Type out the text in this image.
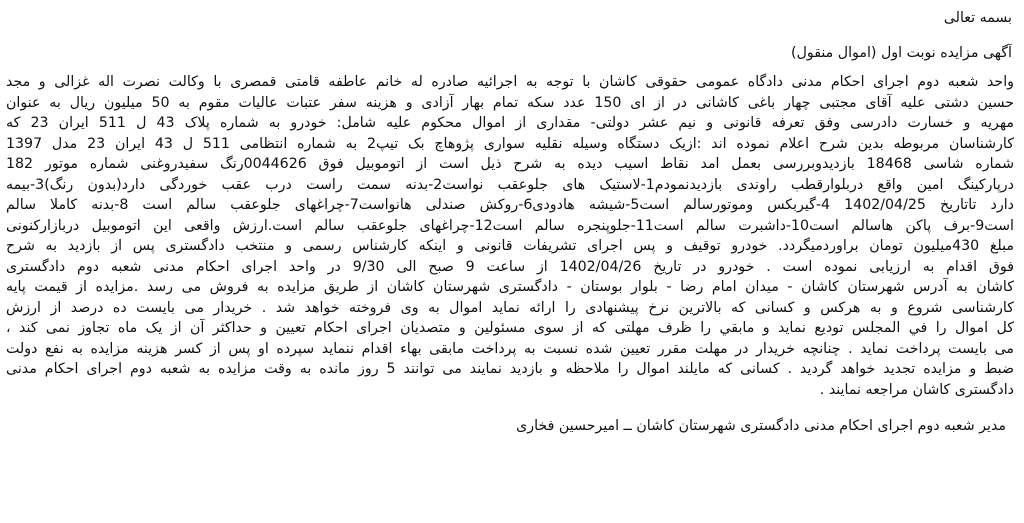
بسمه تعالی
آگهی مزایده نوبت اول (اموال منقول)
واحد شعبه دوم اجرای احکام مدنی دادگاه عمومی حقوقی کاشان با توجه به اجرائیه صادره له خانم عاطفه قامتی قمصری با وکالت نصرت اله غزالی و مجد
حسین دشتی علیه آقای مجتبی چهار باغی کاشانی در از ای 150 عدد سکه تمام بهار آزادی و هزینه سفر عتبات عالیات مقوم به 50 میلیون ریال به عنوان
مهریه و خسارت دادرسی وفق تعرفه قانونی و نیم عشر دولتی- مقداری از اموال محکوم علیه شامل: خودرو به شماره پلاک 43 ل 511 ایران 23 که
کارشناسان مربوطه بدین شرح اعلام نموده اند :ازیک دستگاه وسیله نقلیه سواری پژوهاچ بک تیپ2 به شماره انتظامی 511 ل 43 ایران 23 مدل 1397
شماره شاسی 18468 بازدیدوبررسی بعمل امد نقاط اسیب دیده به شرح ذیل است از اتوموبیل فوق 0044626رنگ سفیدروغنی شماره موتور 182
درپارکینگ امین واقع دربلوارقطب راوندی بازدیدنمودم1-لاستیک های جلوعقب نواست2-بدنه سمت راست درب عقب خوردگی دارد(بدون رنگ)3-بیمه
دارد تاتاریخ 1402/04/25 4-گیربکس وموتورسالم است5-شیشه هادودی6-روکش صندلی هانواست7-چراغهای جلوعقب سالم است 8-بدنه کاملا سالم
است9-برف پاکن هاسالم است10-داشبرت سالم است11-جلوپنجره سالم است12-چراغهای جلوعقب سالم است.ارزش واقعی این اتوموبیل دربازارکنونی
مبلغ 430میلیون تومان براوردمیگردد. خودرو توقیف و پس اجرای تشریفات قانونی و اینکه کارشناس رسمی و منتخب دادگستری پس از بازدید به شرح
فوق اقدام به ارزیابی نموده است . خودرو در تاریخ 1402/04/26 از ساعت 9 صبح الی 9/30 در واحد اجرای احکام مدنی شعبه دوم دادگستری
کاشان به آدرس شهرستان کاشان - میدان امام رضا - بلوار بوستان - دادگستری شهرستان کاشان از طریق مزایده به فروش می رسد .مزایده از قیمت پایه
کارشناسی شروع و به هرکس و کسانی که بالاترین نرخ پیشنهادی را ارائه نماید اموال به وی فروخته خواهد شد . خریدار می بایست ده درصد از ارزش
کل اموال را في المجلس توديع نمايد و مابقي را ظرف مهلتی که از سوی مسئولین و متصدیان اجرای احکام تعیین و حداکثر آن از یک ماه تجاوز نمی کند ،
می بایست پرداخت نماید . چنانچه خریدار در مهلت مقرر تعیین شده نسبت به پرداخت مابقی بهاء اقدام ننماید سپرده او پس از کسر هزینه مزایده به نفع دولت
ضبط و مزایده تجدید خواهد گردید . کسانی که مایلند اموال را ملاحظه و بازدید نمایند می توانند 5 روز مانده به وقت مزایده به شعبه دوم اجرای احکام مدنی
دادگستری کاشان مراجعه نمایند .
مدیر شعبه دوم اجرای احکام مدنی دادگستری شهرستان کاشان ــ امیرحسین فخاری
